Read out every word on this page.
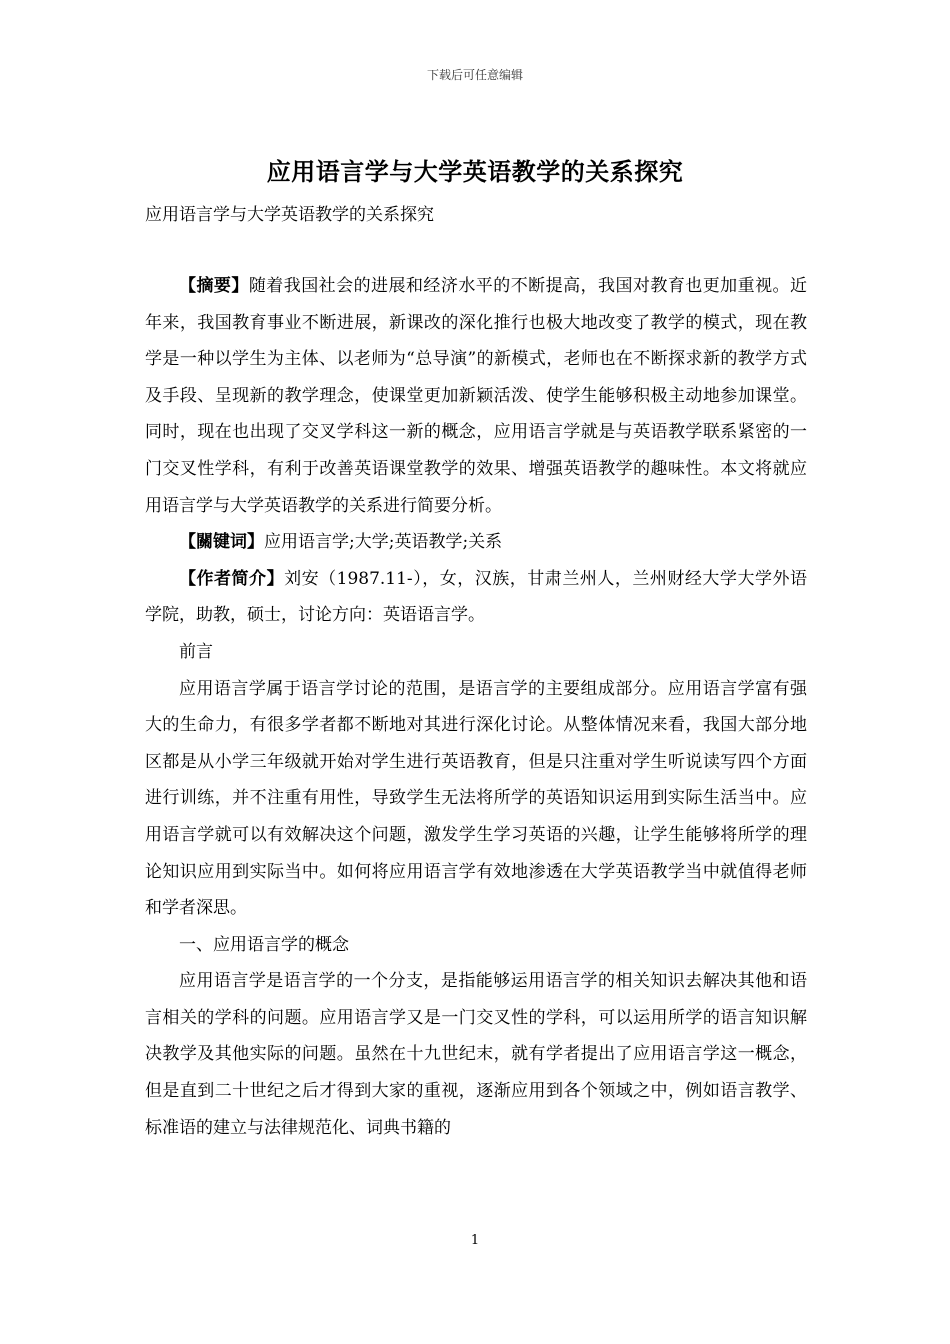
下载后可任意编辑
应用语言学与大学英语教学的关系探究
应用语言学与大学英语教学的关系探究

【摘要】随着我国社会的进展和经济水平的不断提高，我国对教育也更加重视。近年来，我国教育事业不断进展，新课改的深化推行也极大地改变了教学的模式，现在教学是一种以学生为主体、以老师为“总导演”的新模式，老师也在不断探求新的教学方式及手段、呈现新的教学理念，使课堂更加新颖活泼、使学生能够积极主动地参加课堂。同时，现在也出现了交叉学科这一新的概念，应用语言学就是与英语教学联系紧密的一门交叉性学科，有利于改善英语课堂教学的效果、增强英语教学的趣味性。本文将就应用语言学与大学英语教学的关系进行简要分析。

【關键词】应用语言学;大学;英语教学;关系

【作者简介】刘安（1987.11-），女，汉族，甘肃兰州人，兰州财经大学大学外语学院，助教，硕士，讨论方向：英语语言学。

前言

应用语言学属于语言学讨论的范围，是语言学的主要组成部分。应用语言学富有强大的生命力，有很多学者都不断地对其进行深化讨论。从整体情况来看，我国大部分地区都是从小学三年级就开始对学生进行英语教育，但是只注重对学生听说读写四个方面进行训练，并不注重有用性，导致学生无法将所学的英语知识运用到实际生活当中。应用语言学就可以有效解决这个问题，激发学生学习英语的兴趣，让学生能够将所学的理论知识应用到实际当中。如何将应用语言学有效地渗透在大学英语教学当中就值得老师和学者深思。

一、应用语言学的概念

应用语言学是语言学的一个分支，是指能够运用语言学的相关知识去解决其他和语言相关的学科的问题。应用语言学又是一门交叉性的学科，可以运用所学的语言知识解决教学及其他实际的问题。虽然在十九世纪末，就有学者提出了应用语言学这一概念，但是直到二十世纪之后才得到大家的重视，逐渐应用到各个领域之中，例如语言教学、标准语的建立与法律规范化、词典书籍的

1
